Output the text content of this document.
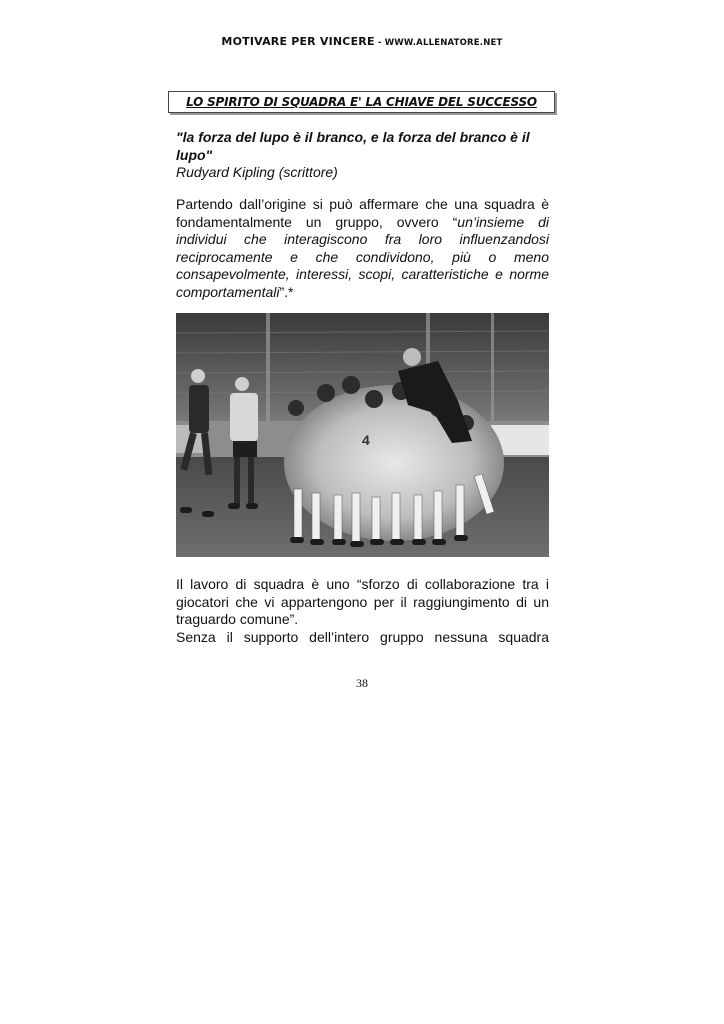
MOTIVARE PER VINCERE - WWW.ALLENATORE.NET
LO SPIRITO DI SQUADRA E' LA CHIAVE DEL SUCCESSO
"la forza del lupo è il branco, e la forza del branco è il lupo"
Rudyard Kipling (scrittore)
Partendo dall’origine si può affermare che una squadra è fondamentalmente un gruppo, ovvero “un’insieme di individui che interagiscono fra loro influenzandosi reciprocamente e che condividono, più o meno consapevolmente, interessi, scopi, caratteristiche e norme comportamentali”.*
4
Il lavoro di squadra è uno “sforzo di collaborazione tra i giocatori che vi appartengono per il raggiungimento di un traguardo comune”.
Senza il supporto dell’intero gruppo nessuna squadra
38
